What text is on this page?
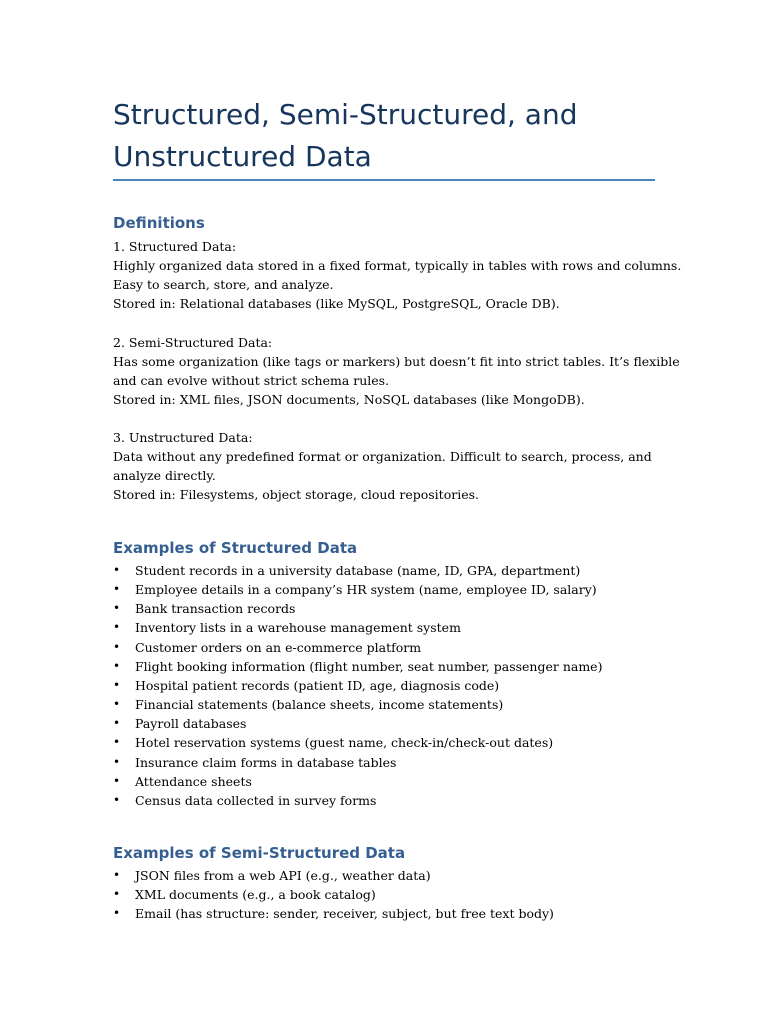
Structured, Semi-Structured, and
Unstructured Data
Definitions
1. Structured Data:
Highly organized data stored in a fixed format, typically in tables with rows and columns.
Easy to search, store, and analyze.
Stored in: Relational databases (like MySQL, PostgreSQL, Oracle DB).
2. Semi-Structured Data:
Has some organization (like tags or markers) but doesn’t fit into strict tables. It’s flexible
and can evolve without strict schema rules.
Stored in: XML files, JSON documents, NoSQL databases (like MongoDB).
3. Unstructured Data:
Data without any predefined format or organization. Difficult to search, process, and
analyze directly.
Stored in: Filesystems, object storage, cloud repositories.
Examples of Structured Data
• Student records in a university database (name, ID, GPA, department)
• Employee details in a company’s HR system (name, employee ID, salary)
• Bank transaction records
• Inventory lists in a warehouse management system
• Customer orders on an e-commerce platform
• Flight booking information (flight number, seat number, passenger name)
• Hospital patient records (patient ID, age, diagnosis code)
• Financial statements (balance sheets, income statements)
• Payroll databases
• Hotel reservation systems (guest name, check-in/check-out dates)
• Insurance claim forms in database tables
• Attendance sheets
• Census data collected in survey forms
Examples of Semi-Structured Data
• JSON files from a web API (e.g., weather data)
• XML documents (e.g., a book catalog)
• Email (has structure: sender, receiver, subject, but free text body)
